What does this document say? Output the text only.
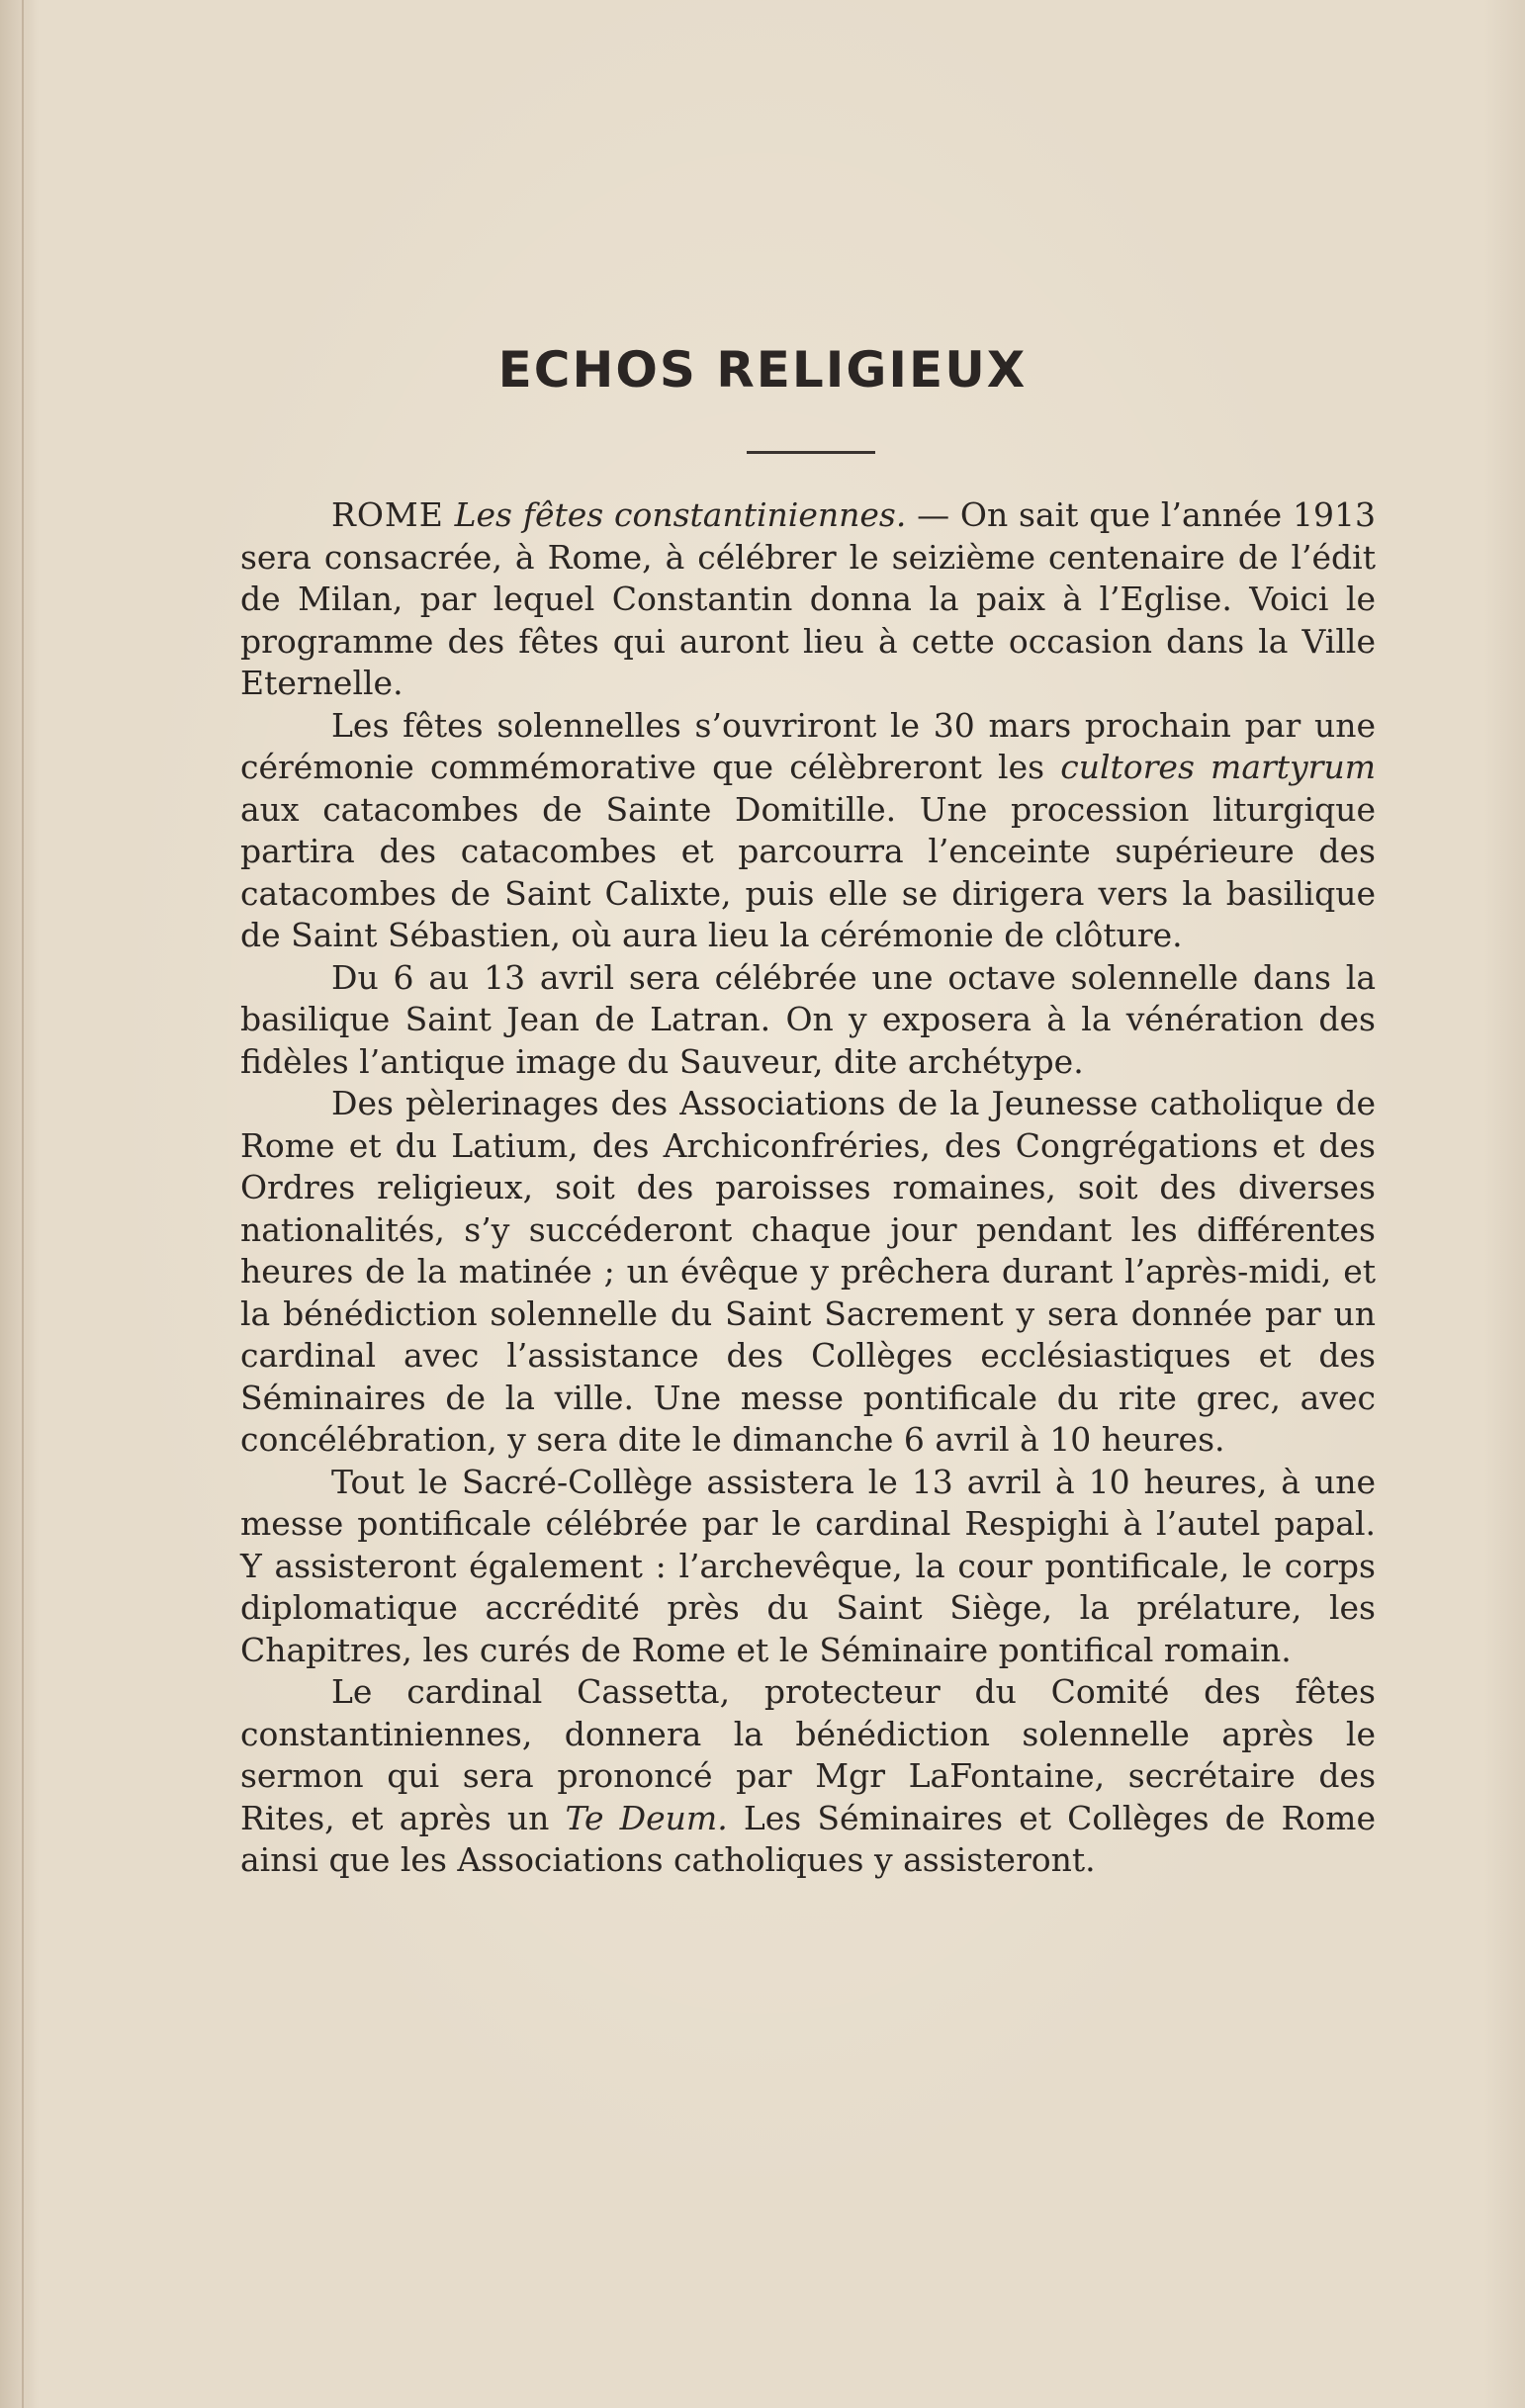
ECHOS RELIGIEUX

ROME Les fêtes constantiniennes. — On sait que l’année 1913 sera consacrée, à Rome, à célébrer le seizième centenaire de l’édit de Milan, par lequel Constantin donna la paix à l’Eglise. Voici le programme des fêtes qui auront lieu à cette occasion dans la Ville Eternelle.

Les fêtes solennelles s’ouvriront le 30 mars prochain par une cérémonie commémorative que célèbreront les cultores martyrum aux catacombes de Sainte Domitille. Une procession liturgique partira des catacombes et parcourra l’enceinte supérieure des catacombes de Saint Calixte, puis elle se dirigera vers la basilique de Saint Sébastien, où aura lieu la cérémonie de clôture.

Du 6 au 13 avril sera célébrée une octave solennelle dans la basilique Saint Jean de Latran. On y exposera à la vénération des fidèles l’antique image du Sauveur, dite archétype.

Des pèlerinages des Associations de la Jeunesse catholique de Rome et du Latium, des Archiconfréries, des Congrégations et des Ordres religieux, soit des paroisses romaines, soit des diverses nationalités, s’y succéderont chaque jour pendant les différentes heures de la matinée ; un évêque y prêchera durant l’après-midi, et la bénédiction solennelle du Saint Sacrement y sera donnée par un cardinal avec l’assistance des Collèges ecclésiastiques et des Séminaires de la ville. Une messe pontificale du rite grec, avec concélébration, y sera dite le dimanche 6 avril à 10 heures.

Tout le Sacré-Collège assistera le 13 avril à 10 heures, à une messe pontificale célébrée par le cardinal Respighi à l’autel papal. Y assisteront également : l’archevêque, la cour pontificale, le corps diplomatique accrédité près du Saint Siège, la prélature, les Chapitres, les curés de Rome et le Séminaire pontifical romain.

Le cardinal Cassetta, protecteur du Comité des fêtes constantiniennes, donnera la bénédiction solennelle après le sermon qui sera prononcé par Mgr LaFontaine, secrétaire des Rites, et après un Te Deum. Les Séminaires et Collèges de Rome ainsi que les Associations catholiques y assisteront.
